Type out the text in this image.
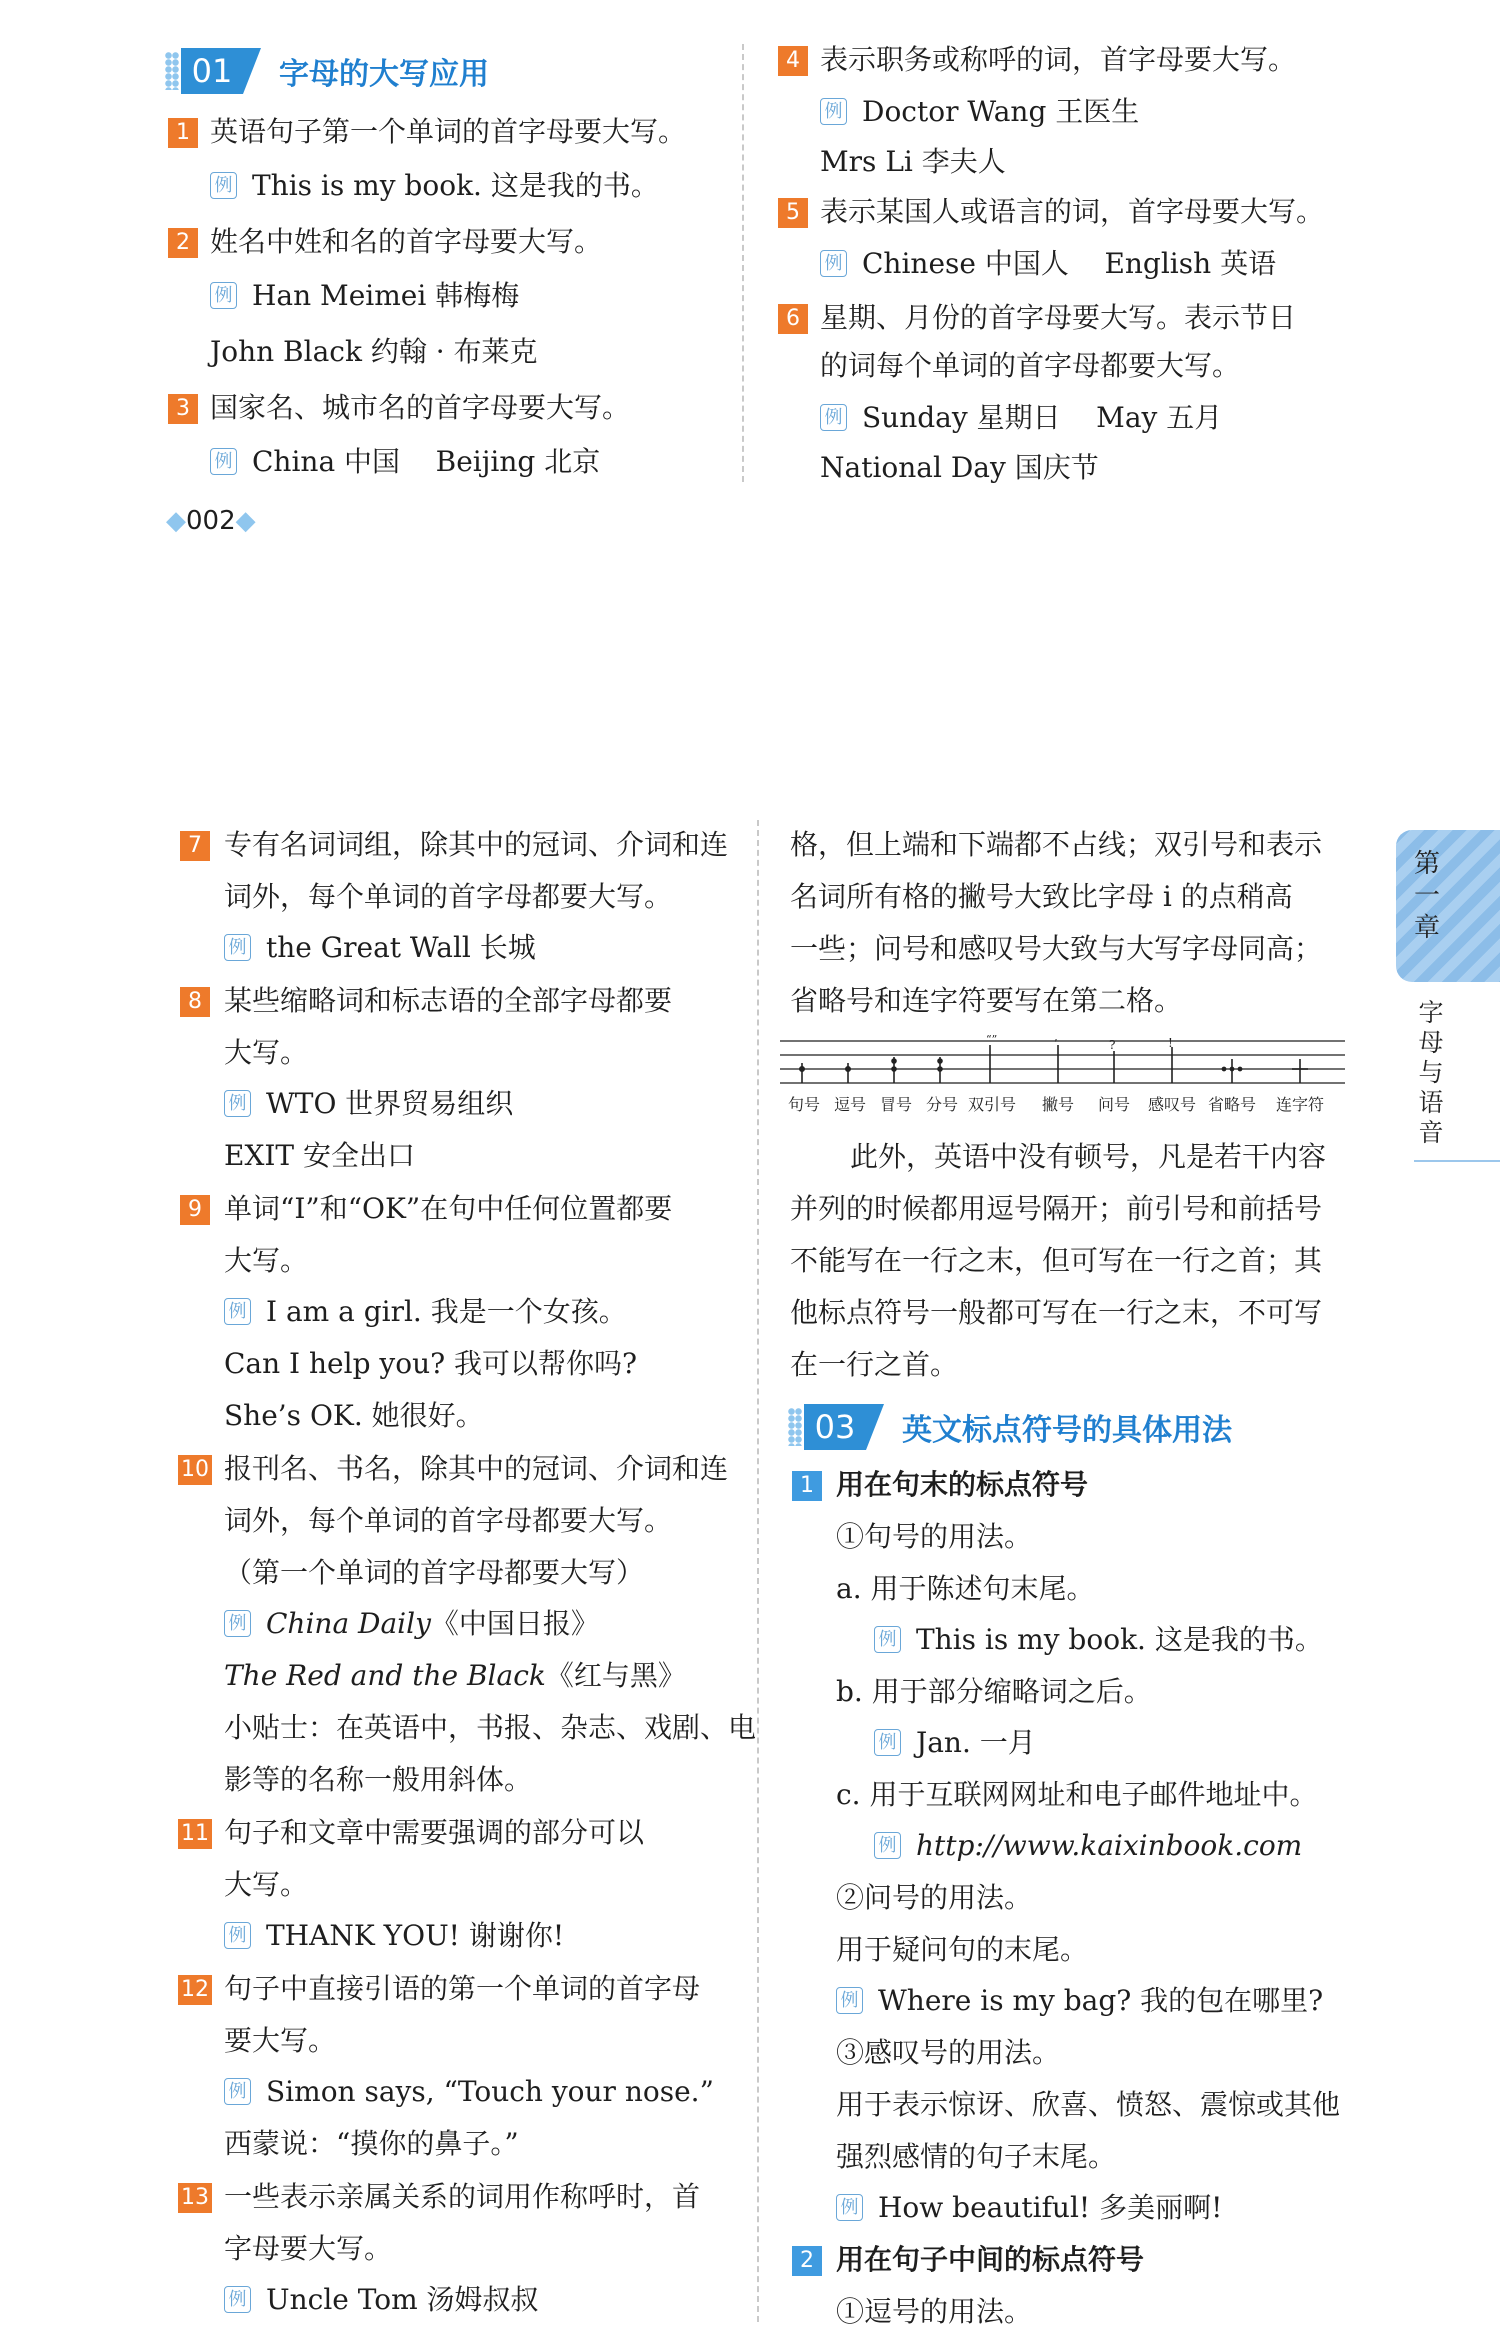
01	字母的大写应用
1 英语句子第一个单词的首字母要大写。
例 This is my book. 这是我的书。
2 姓名中姓和名的首字母要大写。
例 Han Meimei 韩梅梅
John Black 约翰 · 布莱克
3 国家名、城市名的首字母要大写。
例 China 中国    Beijing 北京
◆002◆
4 表示职务或称呼的词，首字母要大写。
例 Doctor Wang 王医生
Mrs Li 李夫人
5 表示某国人或语言的词，首字母要大写。
例 Chinese 中国人    English 英语
6 星期、月份的首字母要大写。表示节日
的词每个单词的首字母都要大写。
例 Sunday 星期日    May 五月
National Day 国庆节
7 专有名词词组，除其中的冠词、介词和连
词外，每个单词的首字母都要大写。
例 the Great Wall 长城
8 某些缩略词和标志语的全部字母都要
大写。
例 WTO 世界贸易组织
EXIT 安全出口
9 单词“I”和“OK”在句中任何位置都要
大写。
例 I am a girl. 我是一个女孩。
Can I help you? 我可以帮你吗?
She’s OK. 她很好。
10 报刊名、书名，除其中的冠词、介词和连
词外，每个单词的首字母都要大写。
（第一个单词的首字母都要大写）
例 China Daily《中国日报》
The Red and the Black《红与黑》
小贴士：在英语中，书报、杂志、戏剧、电
影等的名称一般用斜体。
11 句子和文章中需要强调的部分可以
大写。
例 THANK YOU! 谢谢你!
12 句子中直接引语的第一个单词的首字母
要大写。
例 Simon says, “Touch your nose.”
西蒙说：“摸你的鼻子。”
13 一些表示亲属关系的词用作称呼时，首
字母要大写。
例 Uncle Tom 汤姆叔叔
格，但上端和下端都不占线；双引号和表示
名词所有格的撇号大致比字母 i 的点稍高
一些；问号和感叹号大致与大写字母同高；
省略号和连字符要写在第二格。
“”	’	?	!
句号 逗号 冒号 分号 双引号 撇号 问号 感叹号 省略号 连字符
此外，英语中没有顿号，凡是若干内容
并列的时候都用逗号隔开；前引号和前括号
不能写在一行之末，但可写在一行之首；其
他标点符号一般都可写在一行之末，不可写
在一行之首。
03	英文标点符号的具体用法
1 用在句末的标点符号
①句号的用法。
a. 用于陈述句末尾。
例 This is my book. 这是我的书。
b. 用于部分缩略词之后。
例 Jan. 一月
c. 用于互联网网址和电子邮件地址中。
例 http://www.kaixinbook.com
②问号的用法。
用于疑问句的末尾。
例 Where is my bag? 我的包在哪里?
③感叹号的用法。
用于表示惊讶、欣喜、愤怒、震惊或其他
强烈感情的句子末尾。
例 How beautiful! 多美丽啊!
2 用在句子中间的标点符号
①逗号的用法。
第一章
字母与语音
